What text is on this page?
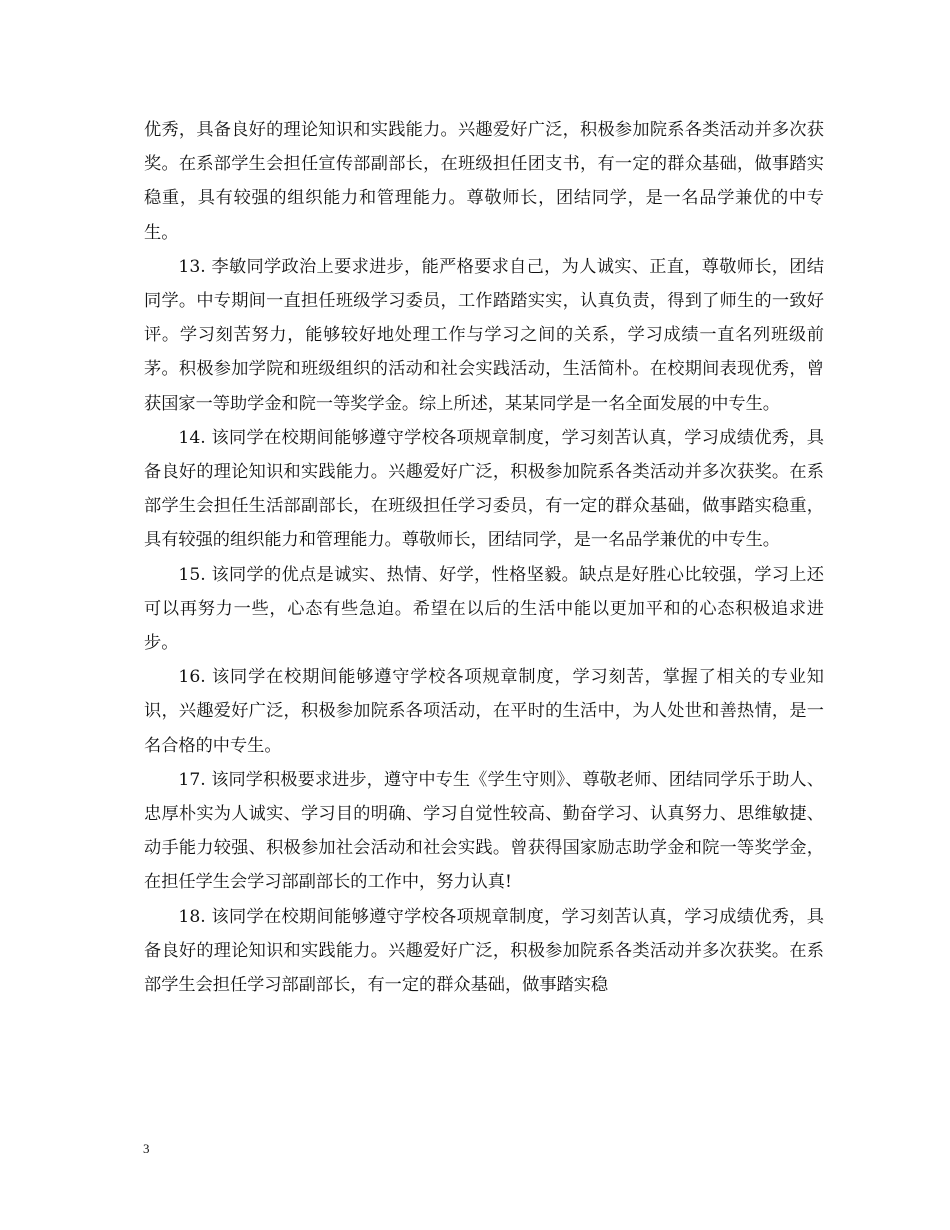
优秀，具备良好的理论知识和实践能力。兴趣爱好广泛，积极参加院系各类活动并多次获奖。在系部学生会担任宣传部副部长，在班级担任团支书，有一定的群众基础，做事踏实稳重，具有较强的组织能力和管理能力。尊敬师长，团结同学，是一名品学兼优的中专生。

13. 李敏同学政治上要求进步，能严格要求自己，为人诚实、正直，尊敬师长，团结同学。中专期间一直担任班级学习委员，工作踏踏实实，认真负责，得到了师生的一致好评。学习刻苦努力，能够较好地处理工作与学习之间的关系，学习成绩一直名列班级前茅。积极参加学院和班级组织的活动和社会实践活动，生活简朴。在校期间表现优秀，曾获国家一等助学金和院一等奖学金。综上所述，某某同学是一名全面发展的中专生。

14. 该同学在校期间能够遵守学校各项规章制度，学习刻苦认真，学习成绩优秀，具备良好的理论知识和实践能力。兴趣爱好广泛，积极参加院系各类活动并多次获奖。在系部学生会担任生活部副部长，在班级担任学习委员，有一定的群众基础，做事踏实稳重，具有较强的组织能力和管理能力。尊敬师长，团结同学，是一名品学兼优的中专生。

15. 该同学的优点是诚实、热情、好学，性格坚毅。缺点是好胜心比较强，学习上还可以再努力一些，心态有些急迫。希望在以后的生活中能以更加平和的心态积极追求进步。

16. 该同学在校期间能够遵守学校各项规章制度，学习刻苦，掌握了相关的专业知识，兴趣爱好广泛，积极参加院系各项活动，在平时的生活中，为人处世和善热情，是一名合格的中专生。

17. 该同学积极要求进步，遵守中专生《学生守则》、尊敬老师、团结同学乐于助人、忠厚朴实为人诚实、学习目的明确、学习自觉性较高、勤奋学习、认真努力、思维敏捷、动手能力较强、积极参加社会活动和社会实践。曾获得国家励志助学金和院一等奖学金，在担任学生会学习部副部长的工作中，努力认真!

18. 该同学在校期间能够遵守学校各项规章制度，学习刻苦认真，学习成绩优秀，具备良好的理论知识和实践能力。兴趣爱好广泛，积极参加院系各类活动并多次获奖。在系部学生会担任学习部副部长，有一定的群众基础，做事踏实稳

3
